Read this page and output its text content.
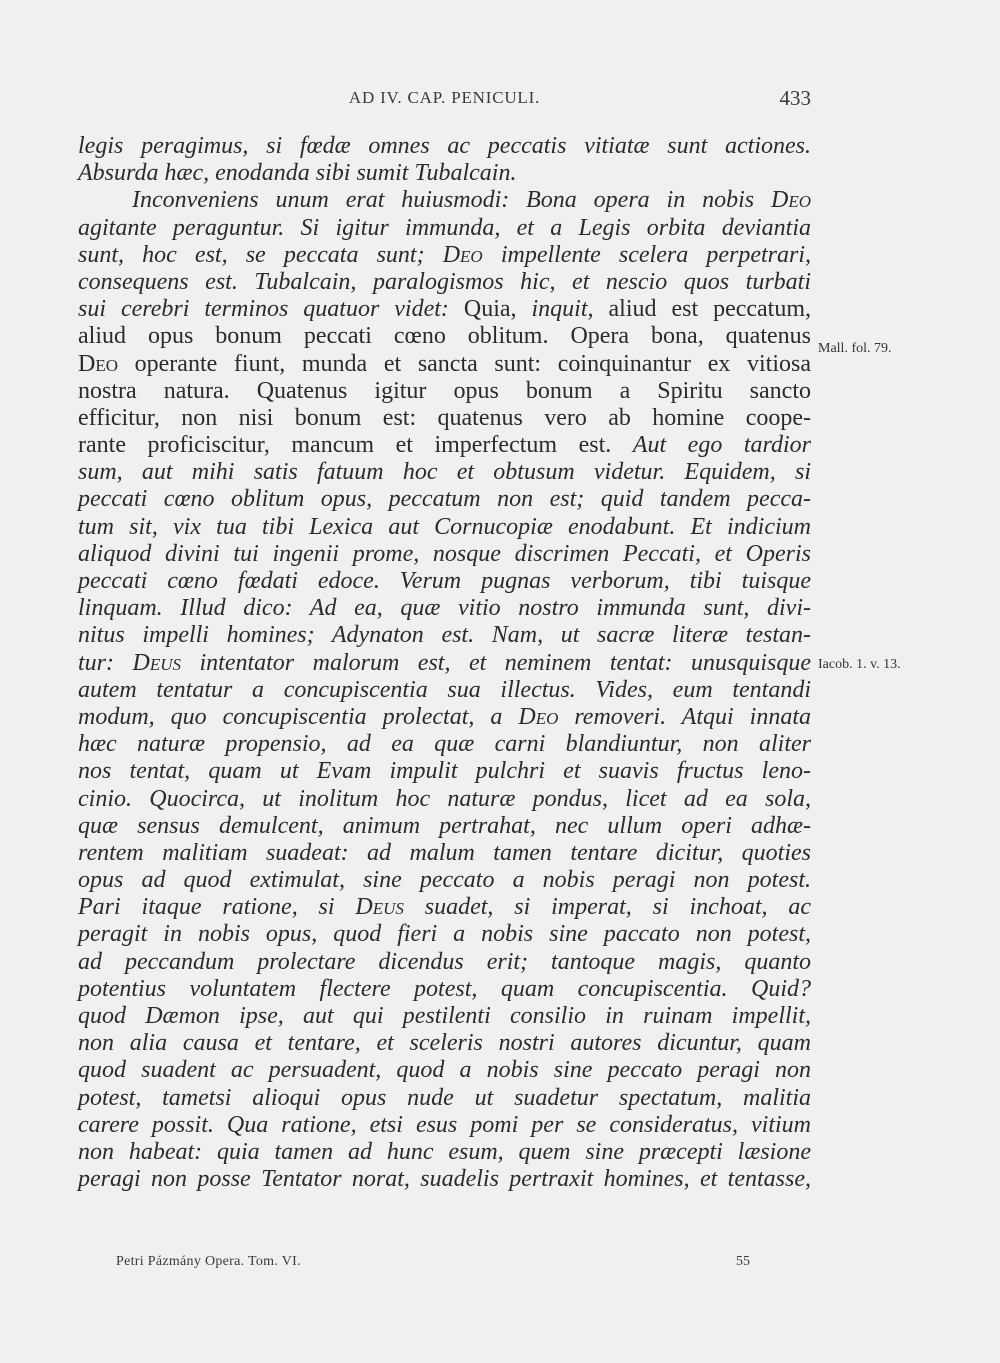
AD IV. CAP. PENICULI.	433
legis peragimus, si fœdæ omnes ac peccatis vitiatæ sunt actiones.
Absurda hæc, enodanda sibi sumit Tubalcain.
Inconveniens unum erat huiusmodi: Bona opera in nobis Deo
agitante peraguntur. Si igitur immunda, et a Legis orbita deviantia
sunt, hoc est, se peccata sunt; Deo impellente scelera perpetrari,
consequens est. Tubalcain, paralogismos hic, et nescio quos turbati
sui cerebri terminos quatuor videt: Quia, inquit, aliud est peccatum,
aliud opus bonum peccati cœno oblitum. Opera bona, quatenus
Deo operante fiunt, munda et sancta sunt: coinquinantur ex vitiosa
nostra natura. Quatenus igitur opus bonum a Spiritu sancto
efficitur, non nisi bonum est: quatenus vero ab homine coope-
rante proficiscitur, mancum et imperfectum est. Aut ego tardior
sum, aut mihi satis fatuum hoc et obtusum videtur. Equidem, si
peccati cœno oblitum opus, peccatum non est; quid tandem pecca-
tum sit, vix tua tibi Lexica aut Cornucopiæ enodabunt. Et indicium
aliquod divini tui ingenii prome, nosque discrimen Peccati, et Operis
peccati cœno fœdati edoce. Verum pugnas verborum, tibi tuisque
linquam. Illud dico: Ad ea, quæ vitio nostro immunda sunt, divi-
nitus impelli homines; Adynaton est. Nam, ut sacræ literæ testan-
tur: Deus intentator malorum est, et neminem tentat: unusquisque
autem tentatur a concupiscentia sua illectus. Vides, eum tentandi
modum, quo concupiscentia prolectat, a Deo removeri. Atqui innata
hæc naturæ propensio, ad ea quæ carni blandiuntur, non aliter
nos tentat, quam ut Evam impulit pulchri et suavis fructus leno-
cinio. Quocirca, ut inolitum hoc naturæ pondus, licet ad ea sola,
quæ sensus demulcent, animum pertrahat, nec ullum operi adhæ-
rentem malitiam suadeat: ad malum tamen tentare dicitur, quoties
opus ad quod extimulat, sine peccato a nobis peragi non potest.
Pari itaque ratione, si Deus suadet, si imperat, si inchoat, ac
peragit in nobis opus, quod fieri a nobis sine paccato non potest,
ad peccandum prolectare dicendus erit; tantoque magis, quanto
potentius voluntatem flectere potest, quam concupiscentia. Quid?
quod Dæmon ipse, aut qui pestilenti consilio in ruinam impellit,
non alia causa et tentare, et sceleris nostri autores dicuntur, quam
quod suadent ac persuadent, quod a nobis sine peccato peragi non
potest, tametsi alioqui opus nude ut suadetur spectatum, malitia
carere possit. Qua ratione, etsi esus pomi per se consideratus, vitium
non habeat: quia tamen ad hunc esum, quem sine præcepti læsione
peragi non posse Tentator norat, suadelis pertraxit homines, et tentasse,
Mall. fol. 79.
Iacob. 1. v. 13.
Petri Pázmány Opera. Tom. VI.	55
